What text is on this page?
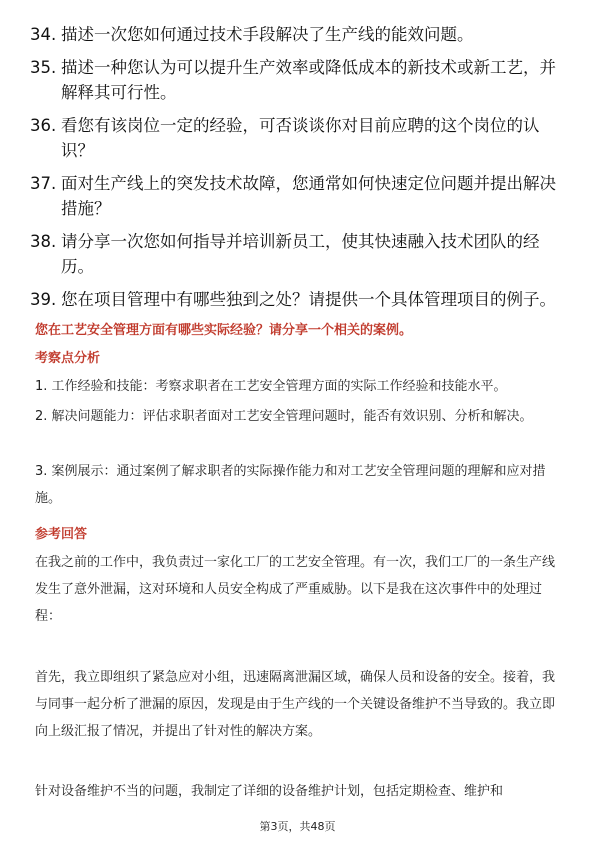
34. 描述一次您如何通过技术手段解决了生产线的能效问题。
35. 描述一种您认为可以提升生产效率或降低成本的新技术或新工艺，并解释其可行性。
36. 看您有该岗位一定的经验，可否谈谈你对目前应聘的这个岗位的认识？
37. 面对生产线上的突发技术故障，您通常如何快速定位问题并提出解决措施？
38. 请分享一次您如何指导并培训新员工，使其快速融入技术团队的经历。
39. 您在项目管理中有哪些独到之处？请提供一个具体管理项目的例子。
您在工艺安全管理方面有哪些实际经验？请分享一个相关的案例。
考察点分析

1. 工作经验和技能：考察求职者在工艺安全管理方面的实际工作经验和技能水平。

2. 解决问题能力：评估求职者面对工艺安全管理问题时，能否有效识别、分析和解决。

3. 案例展示：通过案例了解求职者的实际操作能力和对工艺安全管理问题的理解和应对措施。

参考回答

在我之前的工作中，我负责过一家化工厂的工艺安全管理。有一次，我们工厂的一条生产线发生了意外泄漏，这对环境和人员安全构成了严重威胁。以下是我在这次事件中的处理过程：

首先，我立即组织了紧急应对小组，迅速隔离泄漏区域，确保人员和设备的安全。接着，我与同事一起分析了泄漏的原因，发现是由于生产线的一个关键设备维护不当导致的。我立即向上级汇报了情况，并提出了针对性的解决方案。

针对设备维护不当的问题，我制定了详细的设备维护计划，包括定期检查、维护和

第3页，共48页
